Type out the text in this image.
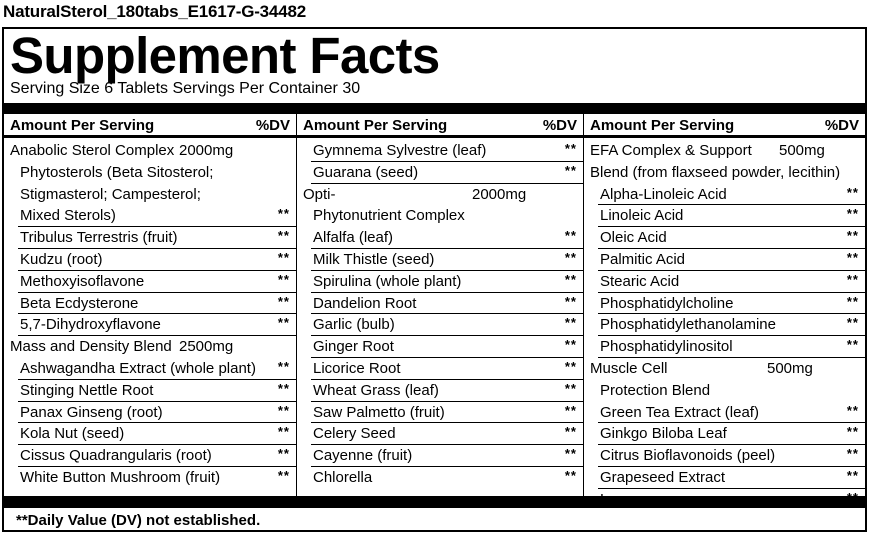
NaturalSterol_180tabs_E1617-G-34482
Supplement Facts
Serving Size 6 Tablets Servings Per Container 30
Amount Per Serving	%DV
Anabolic Sterol Complex 2000mg
Phytosterols (Beta Sitosterol;
Stigmasterol; Campesterol;
Mixed Sterols)	**
Tribulus Terrestris (fruit)	**
Kudzu (root)	**
Methoxyisoflavone	**
Beta Ecdysterone	**
5,7-Dihydroxyflavone	**
Mass and Density Blend 2500mg
Ashwagandha Extract (whole plant) **
Stinging Nettle Root	**
Panax Ginseng (root)	**
Kola Nut (seed)	**
Cissus Quadrangularis (root)	**
White Button Mushroom (fruit)	**
Amount Per Serving	%DV
Gymnema Sylvestre (leaf)	**
Guarana (seed)	**
Opti-	2000mg
Phytonutrient Complex
Alfalfa (leaf)	**
Milk Thistle (seed)	**
Spirulina (whole plant)	**
Dandelion Root	**
Garlic (bulb)	**
Ginger Root	**
Licorice Root	**
Wheat Grass (leaf)	**
Saw Palmetto (fruit)	**
Celery Seed	**
Cayenne (fruit)	**
Chlorella	**
Amount Per Serving	%DV
EFA Complex & Support 500mg
Blend (from flaxseed powder, lecithin)
Alpha-Linoleic Acid	**
Linoleic Acid	**
Oleic Acid	**
Palmitic Acid	**
Stearic Acid	**
Phosphatidylcholine	**
Phosphatidylethanolamine	**
Phosphatidylinositol	**
Muscle Cell	500mg
Protection Blend
Green Tea Extract (leaf)	**
Ginkgo Biloba Leaf	**
Citrus Bioflavonoids (peel)	**
Grapeseed Extract	**
**Daily Value (DV) not established.
